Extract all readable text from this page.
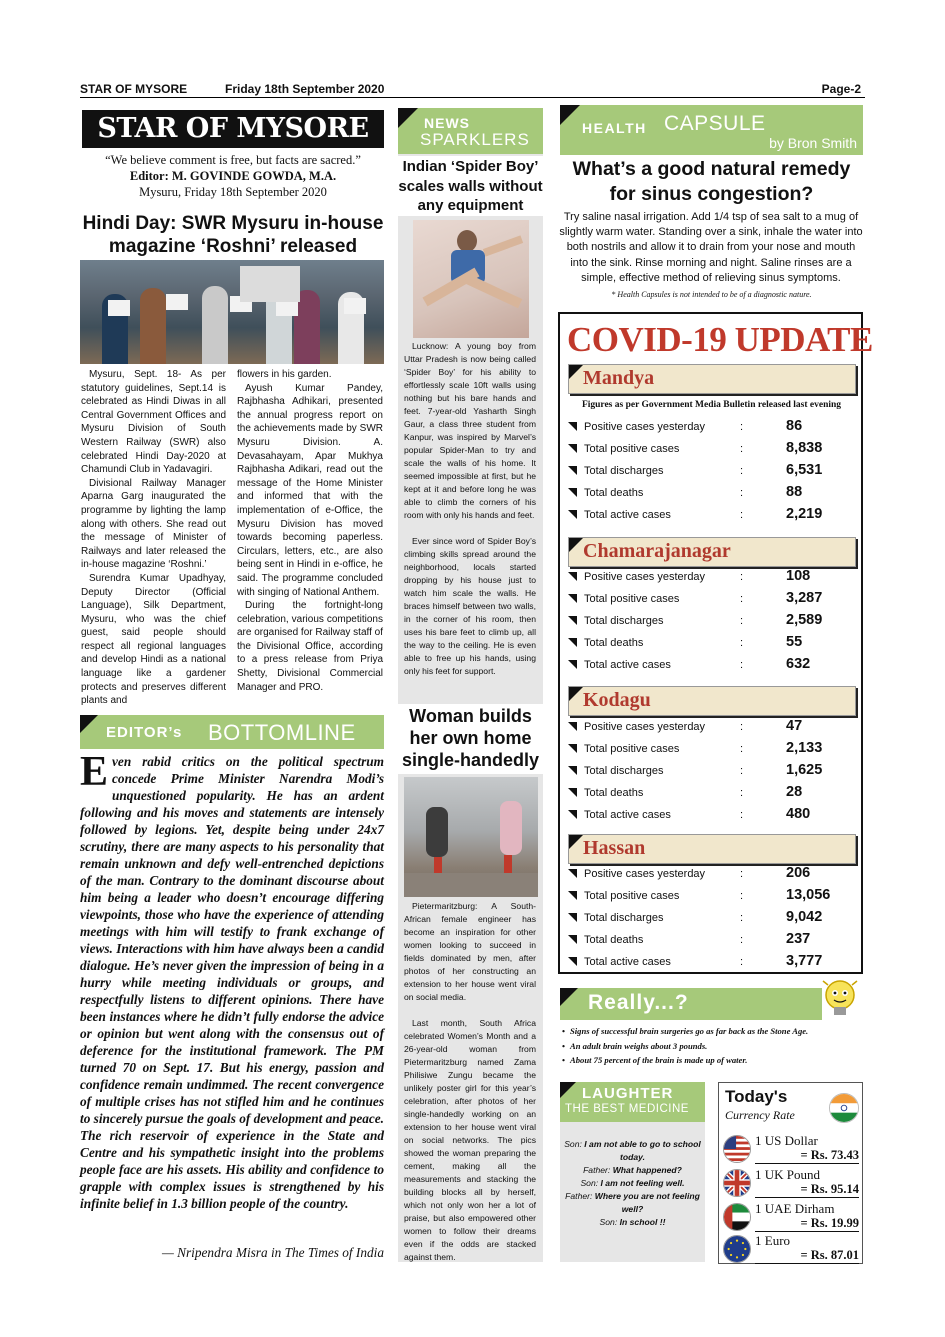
STAR OF MYSORE	Friday 18th September 2020	Page-2
STAR OF MYSORE
“We believe comment is free, but facts are sacred.”
Editor: M. GOVINDE GOWDA, M.A.
Mysuru, Friday 18th September 2020
Hindi Day: SWR Mysuru in-house magazine ‘Roshni’ released

Mysuru, Sept. 18- As per statutory guidelines, Sept.14 is celebrated as Hindi Diwas in all Central Government Offices and Mysuru Division of South Western Railway (SWR) also celebrated Hindi Day-2020 at Chamundi Club in Yadavagiri.

Divisional Railway Manager Aparna Garg inaugurated the programme by lighting the lamp along with others. She read out the message of Minister of Railways and later released the in-house magazine ‘Roshni.’

Surendra Kumar Upadhyay, Deputy Director (Official Language), Silk Department, Mysuru, who was the chief guest, said people should respect all regional languages and develop Hindi as a national language like a gardener protects and preserves different plants and

flowers in his garden.

Ayush Kumar Pandey, Rajbhasha Adhikari, presented the annual progress report on the achievements made by SWR Mysuru Division. A. Devasahayam, Apar Mukhya Rajbhasha Adikari, read out the message of the Home Minister and informed that with the implementation of e-Office, the Mysuru Division has moved towards becoming paperless. Circulars, letters, etc., are also being sent in Hindi in e-office, he said. The programme concluded with singing of National Anthem.

During the fortnight-long celebration, various competitions are organised for Railway staff of the Divisional Office, according to a press release from Priya Shetty, Divisional Commercial Manager and PRO.

EDITOR’s BOTTOMLINE
Even rabid critics on the political spectrum concede Prime Minister Narendra Modi’s unquestioned popularity. He has an ardent following and his moves and statements are intensely followed by legions. Yet, despite being under 24x7 scrutiny, there are many aspects to his personality that remain unknown and defy well-entrenched depictions of the man. Contrary to the dominant discourse about him being a leader who doesn’t encourage differing viewpoints, those who have the experience of attending meetings with him will testify to frank exchange of views. Interactions with him have always been a candid dialogue. He’s never given the impression of being in a hurry while meeting individuals or groups, and respectfully listens to different opinions. There have been instances where he didn’t fully endorse the advice or opinion but went along with the consensus out of deference for the institutional framework. The PM turned 70 on Sept. 17. But his energy, passion and confidence remain undimmed. The recent convergence of multiple crises has not stifled him and he continues to sincerely pursue the goals of development and peace. The rich reservoir of experience in the State and Centre and his sympathetic insight into the problems people face are his assets. His ability and confidence to grapple with complex issues is strengthened by his infinite belief in 1.3 billion people of the country.
— Nripendra Misra in The Times of India
NEWS
SPARKLERS
Indian ‘Spider Boy’ scales walls without any equipment

Lucknow: A young boy from Uttar Pradesh is now being called ‘Spider Boy’ for his ability to effortlessly scale 10ft walls using nothing but his bare hands and feet. 7-year-old Yasharth Singh Gaur, a class three student from Kanpur, was inspired by Marvel’s popular Spider-Man to try and scale the walls of his home. It seemed impossible at first, but he kept at it and before long he was able to climb the corners of his room with only his hands and feet.

Ever since word of Spider Boy’s climbing skills spread around the neighborhood, locals started dropping by his house just to watch him scale the walls. He braces himself between two walls, in the corner of his room, then uses his bare feet to climb up, all the way to the ceiling. He is even able to free up his hands, using only his feet for support.

Woman builds her own home single-handedly

Pietermaritzburg: A South-African female engineer has become an inspiration for other women looking to succeed in fields dominated by men, after photos of her constructing an extension to her house went viral on social media.

Last month, South Africa celebrated Women’s Month and a 26-year-old woman from Pietermaritzburg named Zama Philisiwe Zungu became the unlikely poster girl for this year’s celebration, after photos of her single-handedly working on an extension to her house went viral on social networks. The pics showed the woman preparing the cement, making all the measurements and stacking the building blocks all by herself, which not only won her a lot of praise, but also empowered other women to follow their dreams even if the odds are stacked against them.

HEALTH CAPSULE
by Bron Smith
What’s a good natural remedy for sinus congestion?
Try saline nasal irrigation. Add 1/4 tsp of sea salt to a mug of slightly warm water. Standing over a sink, inhale the water into both nostrils and allow it to drain from your nose and mouth into the sink. Rinse morning and night. Saline rinses are a simple, effective method of relieving sinus symptoms.
* Health Capsules is not intended to be of a diagnostic nature.
COVID-19 UPDATE
Figures as per Government Media Bulletin released last evening
Mandya
Positive cases yesterday	:	86
Total positive cases	:	8,838
Total discharges	:	6,531
Total deaths	:	88
Total active cases	:	2,219
Chamarajanagar
Positive cases yesterday	:	108
Total positive cases	:	3,287
Total discharges	:	2,589
Total deaths	:	55
Total active cases	:	632
Kodagu
Positive cases yesterday	:	47
Total positive cases	:	2,133
Total discharges	:	1,625
Total deaths	:	28
Total active cases	:	480
Hassan
Positive cases yesterday	:	206
Total positive cases	:	13,056
Total discharges	:	9,042
Total deaths	:	237
Total active cases	:	3,777
Really...?
• Signs of successful brain surgeries go as far back as the Stone Age.
• An adult brain weighs about 3 pounds.
• About 75 percent of the brain is made up of water.
LAUGHTER
THE BEST MEDICINE
Son: I am not able to go to school today.
Father: What happened?
Son: I am not feeling well.
Father: Where you are not feeling well?
Son: In school !!
Today's
Currency Rate
1 US Dollar
= Rs. 73.43
1 UK Pound
= Rs. 95.14
1 UAE Dirham
= Rs. 19.99
1 Euro
= Rs. 87.01
